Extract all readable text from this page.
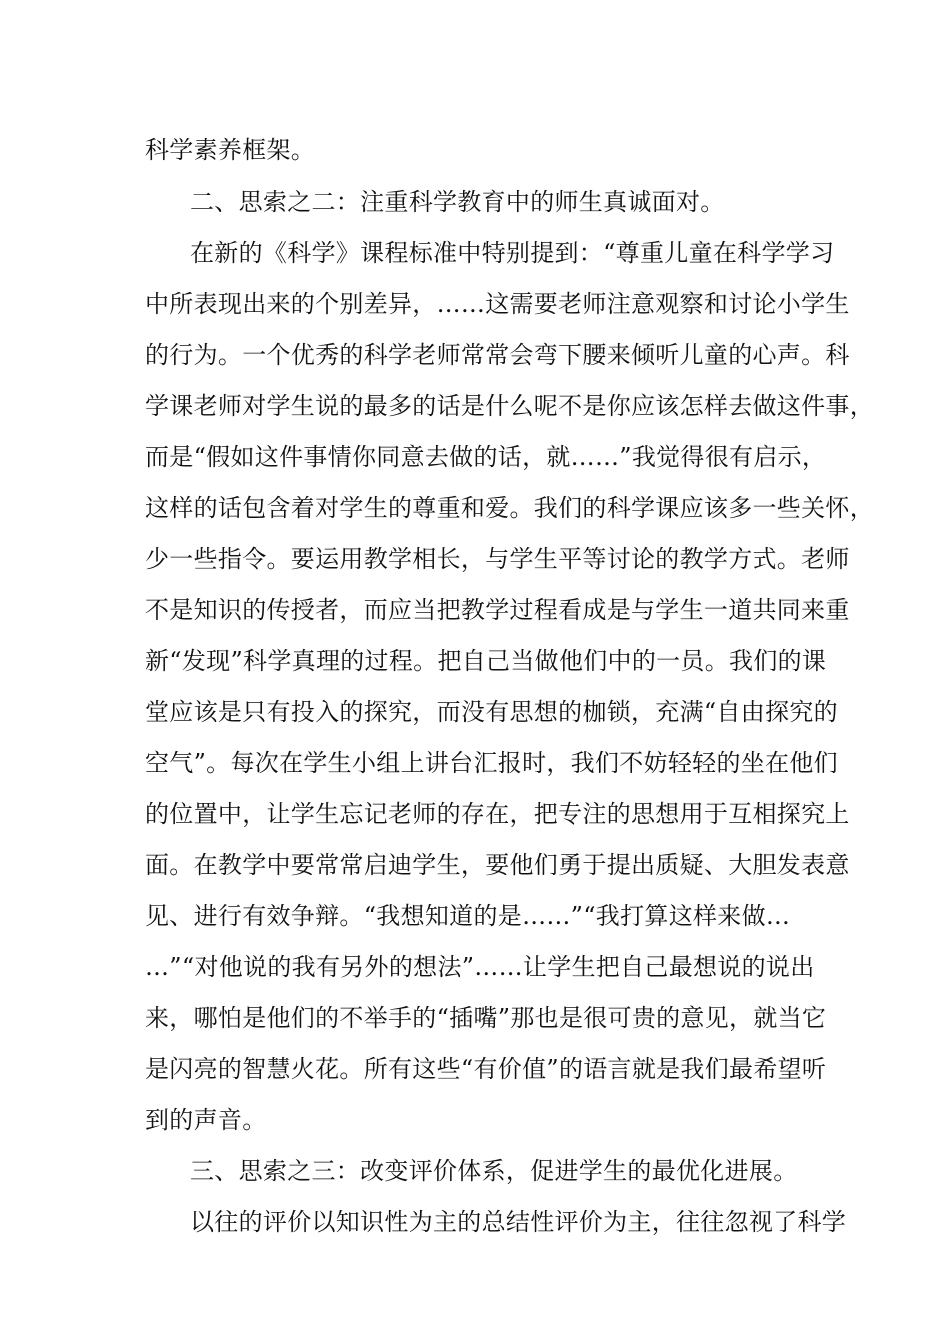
科学素养框架。
二、思索之二：注重科学教育中的师生真诚面对。
在新的《科学》课程标准中特别提到：“尊重儿童在科学学习
中所表现出来的个别差异，……这需要老师注意观察和讨论小学生
的行为。一个优秀的科学老师常常会弯下腰来倾听儿童的心声。科
学课老师对学生说的最多的话是什么呢不是你应该怎样去做这件事，
而是“假如这件事情你同意去做的话，就……”我觉得很有启示，
这样的话包含着对学生的尊重和爱。我们的科学课应该多一些关怀，
少一些指令。要运用教学相长，与学生平等讨论的教学方式。老师
不是知识的传授者，而应当把教学过程看成是与学生一道共同来重
新“发现”科学真理的过程。把自己当做他们中的一员。我们的课
堂应该是只有投入的探究，而没有思想的枷锁，充满“自由探究的
空气”。每次在学生小组上讲台汇报时，我们不妨轻轻的坐在他们
的位置中，让学生忘记老师的存在，把专注的思想用于互相探究上
面。在教学中要常常启迪学生，要他们勇于提出质疑、大胆发表意
见、进行有效争辩。“我想知道的是……”“我打算这样来做…
…”“对他说的我有另外的想法”……让学生把自己最想说的说出
来，哪怕是他们的不举手的“插嘴”那也是很可贵的意见，就当它
是闪亮的智慧火花。所有这些“有价值”的语言就是我们最希望听
到的声音。
三、思索之三：改变评价体系，促进学生的最优化进展。
以往的评价以知识性为主的总结性评价为主，往往忽视了科学
